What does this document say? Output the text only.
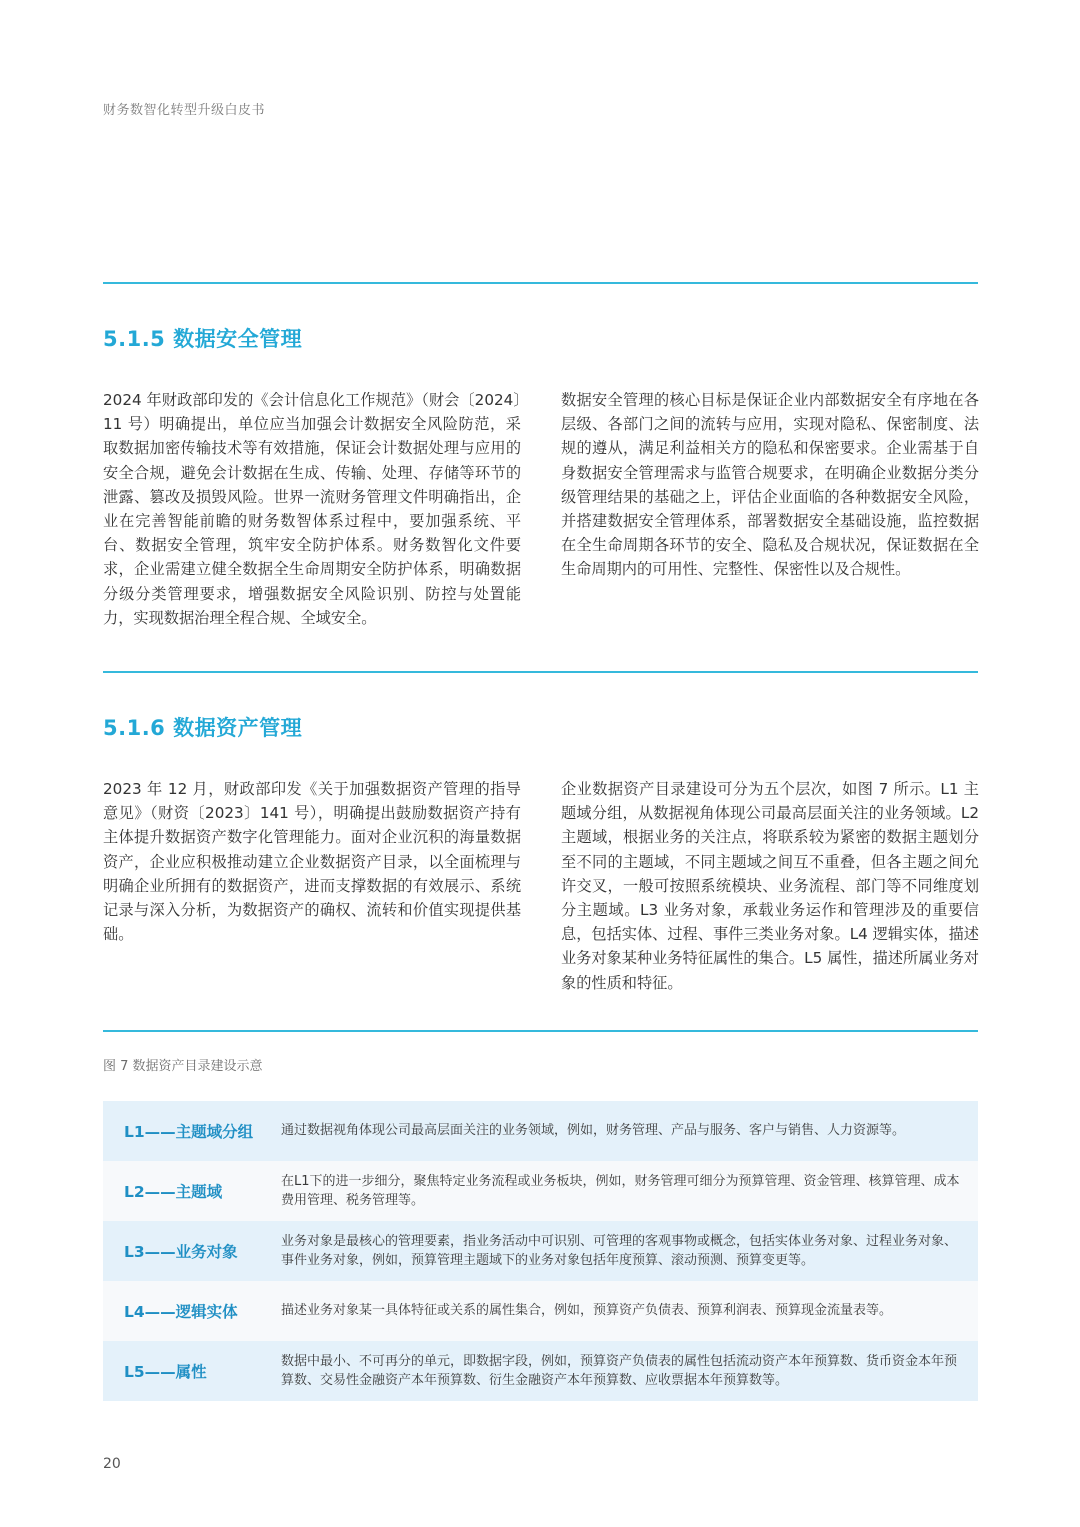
财务数智化转型升级白皮书
5.1.5 数据安全管理

2024 年财政部印发的《会计信息化工作规范》（财会〔2024〕11 号）明确提出，单位应当加强会计数据安全风险防范，采取数据加密传输技术等有效措施，保证会计数据处理与应用的安全合规，避免会计数据在生成、传输、处理、存储等环节的泄露、篡改及损毁风险。世界一流财务管理文件明确指出，企业在完善智能前瞻的财务数智体系过程中，要加强系统、平台、数据安全管理，筑牢安全防护体系。财务数智化文件要求，企业需建立健全数据全生命周期安全防护体系，明确数据分级分类管理要求，增强数据安全风险识别、防控与处置能力，实现数据治理全程合规、全域安全。

数据安全管理的核心目标是保证企业内部数据安全有序地在各层级、各部门之间的流转与应用，实现对隐私、保密制度、法规的遵从，满足利益相关方的隐私和保密要求。企业需基于自身数据安全管理需求与监管合规要求，在明确企业数据分类分级管理结果的基础之上，评估企业面临的各种数据安全风险，并搭建数据安全管理体系，部署数据安全基础设施，监控数据在全生命周期各环节的安全、隐私及合规状况，保证数据在全生命周期内的可用性、完整性、保密性以及合规性。

5.1.6 数据资产管理

2023 年 12 月，财政部印发《关于加强数据资产管理的指导意见》（财资〔2023〕141 号），明确提出鼓励数据资产持有主体提升数据资产数字化管理能力。面对企业沉积的海量数据资产，企业应积极推动建立企业数据资产目录，以全面梳理与明确企业所拥有的数据资产，进而支撑数据的有效展示、系统记录与深入分析，为数据资产的确权、流转和价值实现提供基础。

企业数据资产目录建设可分为五个层次，如图 7 所示。L1 主题域分组，从数据视角体现公司最高层面关注的业务领域。L2 主题域，根据业务的关注点，将联系较为紧密的数据主题划分至不同的主题域，不同主题域之间互不重叠，但各主题之间允许交叉，一般可按照系统模块、业务流程、部门等不同维度划分主题域。L3 业务对象，承载业务运作和管理涉及的重要信息，包括实体、过程、事件三类业务对象。L4 逻辑实体，描述业务对象某种业务特征属性的集合。L5 属性，描述所属业务对象的性质和特征。

图 7 数据资产目录建设示意
L1——主题域分组	通过数据视角体现公司最高层面关注的业务领域，例如，财务管理、产品与服务、客户与销售、人力资源等。
L2——主题域
在L1下的进一步细分，聚焦特定业务流程或业务板块，例如，财务管理可细分为预算管理、资金管理、核算管理、成本费用管理、税务管理等。
L3——业务对象
业务对象是最核心的管理要素，指业务活动中可识别、可管理的客观事物或概念，包括实体业务对象、过程业务对象、事件业务对象，例如，预算管理主题域下的业务对象包括年度预算、滚动预测、预算变更等。
L4——逻辑实体	描述业务对象某一具体特征或关系的属性集合，例如，预算资产负债表、预算利润表、预算现金流量表等。
L5——属性
数据中最小、不可再分的单元，即数据字段，例如，预算资产负债表的属性包括流动资产本年预算数、货币资金本年预算数、交易性金融资产本年预算数、衍生金融资产本年预算数、应收票据本年预算数等。
20
